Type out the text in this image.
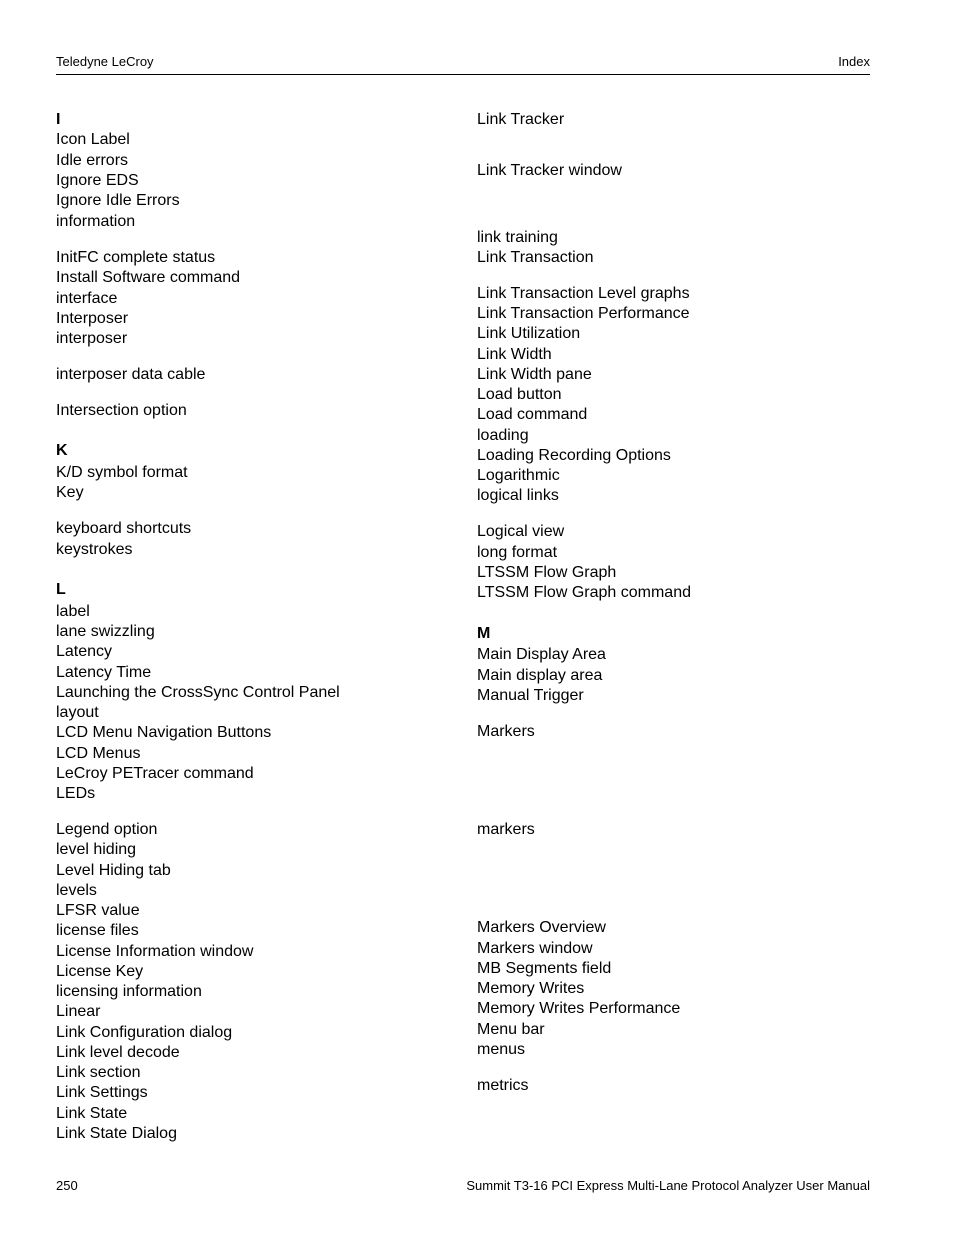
Teledyne LeCroy	Index
I
Icon Label
Idle errors
Ignore EDS
Ignore Idle Errors
information
InitFC complete status
Install Software command
interface
Interposer
interposer
interposer data cable
Intersection option
K
K/D symbol format
Key
keyboard shortcuts
keystrokes
L
label
lane swizzling
Latency
Latency Time
Launching the CrossSync Control Panel
layout
LCD Menu Navigation Buttons
LCD Menus
LeCroy PETracer command
LEDs
Legend option
level hiding
Level Hiding tab
levels
LFSR value
license files
License Information window
License Key
licensing information
Linear
Link Configuration dialog
Link level decode
Link section
Link Settings
Link State
Link State Dialog
Link Tracker
Link Tracker window
link training
Link Transaction
Link Transaction Level graphs
Link Transaction Performance
Link Utilization
Link Width
Link Width pane
Load button
Load command
loading
Loading Recording Options
Logarithmic
logical links
Logical view
long format
LTSSM Flow Graph
LTSSM Flow Graph command
M
Main Display Area
Main display area
Manual Trigger
Markers
markers
Markers Overview
Markers window
MB Segments field
Memory Writes
Memory Writes Performance
Menu bar
menus
metrics
250	Summit T3-16 PCI Express Multi-Lane Protocol Analyzer User Manual
